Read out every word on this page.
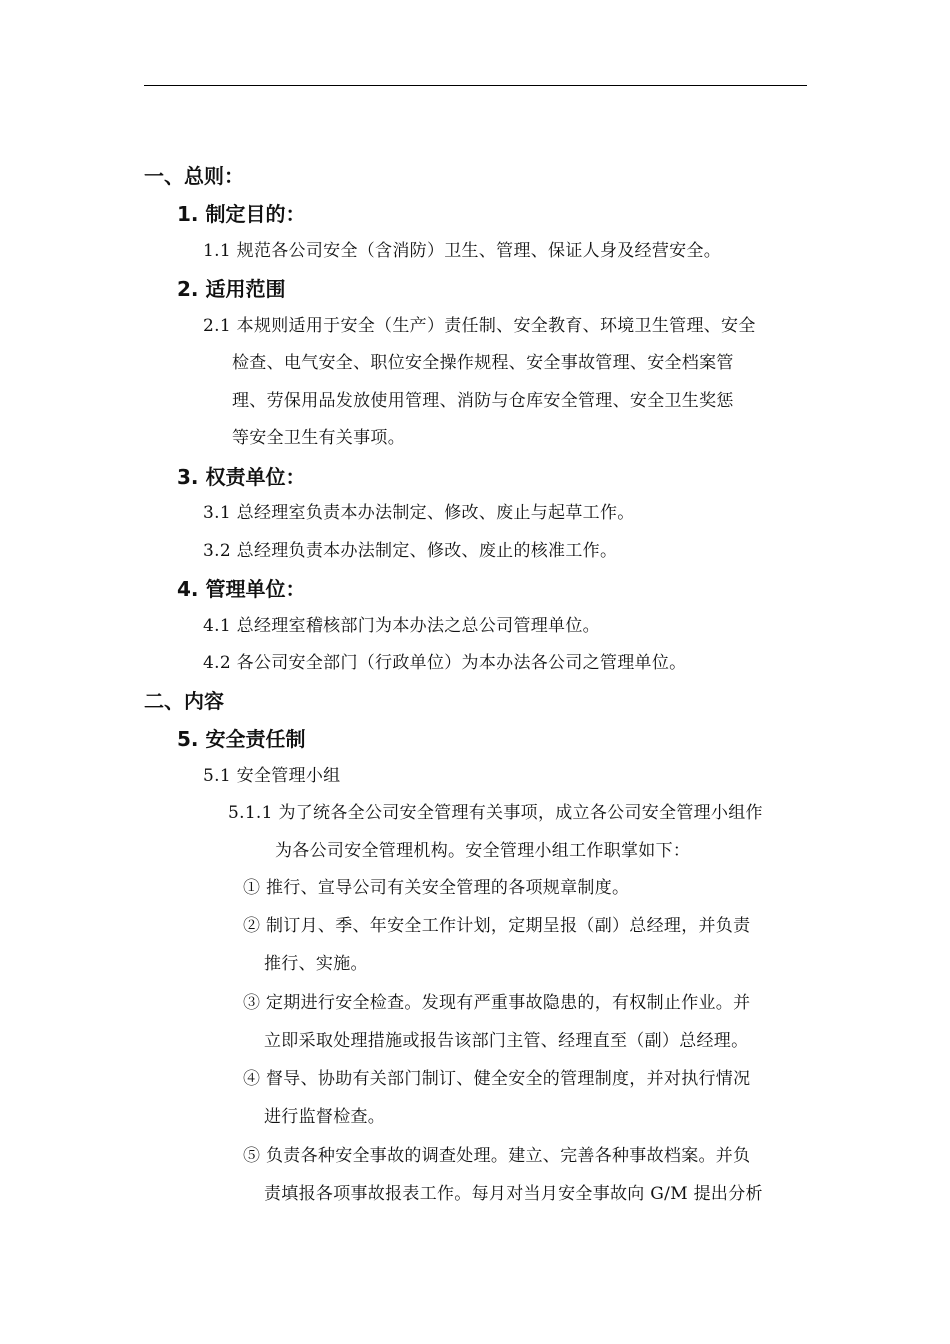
一、总则：
1. 制定目的：
1.1 规范各公司安全（含消防）卫生、管理、保证人身及经营安全。
2. 适用范围
2.1 本规则适用于安全（生产）责任制、安全教育、环境卫生管理、安全
检查、电气安全、职位安全操作规程、安全事故管理、安全档案管
理、劳保用品发放使用管理、消防与仓库安全管理、安全卫生奖惩
等安全卫生有关事项。
3. 权责单位：
3.1 总经理室负责本办法制定、修改、废止与起草工作。
3.2 总经理负责本办法制定、修改、废止的核准工作。
4. 管理单位：
4.1 总经理室稽核部门为本办法之总公司管理单位。
4.2 各公司安全部门（行政单位）为本办法各公司之管理单位。
二、内容
5. 安全责任制
5.1 安全管理小组
5.1.1 为了统各全公司安全管理有关事项，成立各公司安全管理小组作
为各公司安全管理机构。安全管理小组工作职掌如下：
① 推行、宣导公司有关安全管理的各项规章制度。
② 制订月、季、年安全工作计划，定期呈报（副）总经理，并负责
推行、实施。
③ 定期进行安全检查。发现有严重事故隐患的，有权制止作业。并
立即采取处理措施或报告该部门主管、经理直至（副）总经理。
④ 督导、协助有关部门制订、健全安全的管理制度，并对执行情况
进行监督检查。
⑤ 负责各种安全事故的调查处理。建立、完善各种事故档案。并负
责填报各项事故报表工作。每月对当月安全事故向 G/M 提出分析
